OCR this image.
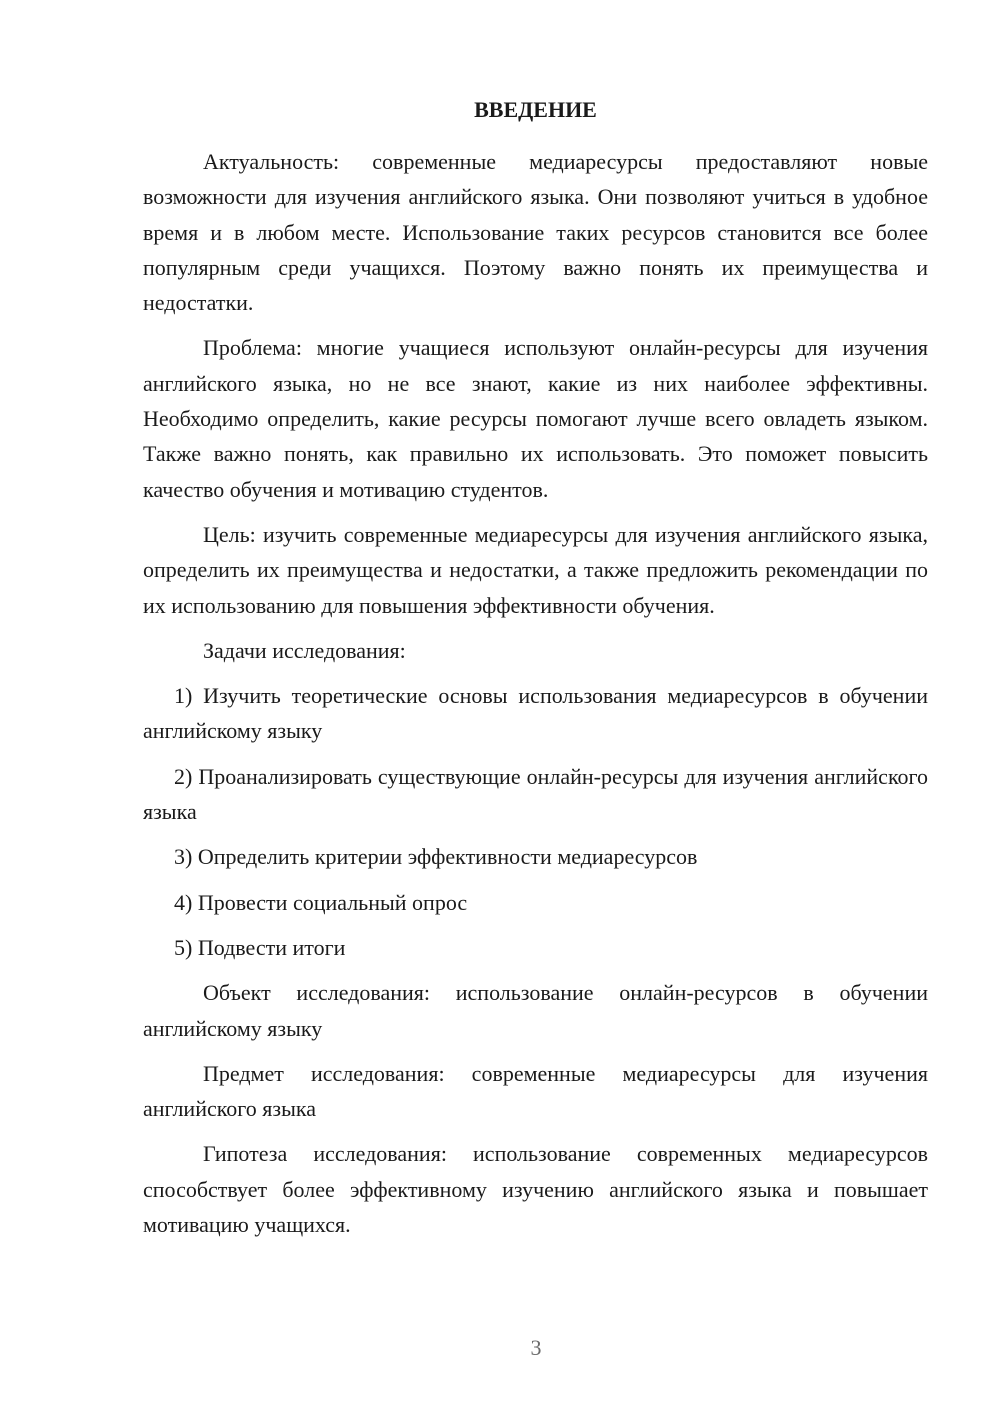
ВВЕДЕНИЕ

Актуальность: современные медиаресурсы предоставляют новые возможности для изучения английского языка. Они позволяют учиться в удобное время и в любом месте. Использование таких ресурсов становится все более популярным среди учащихся. Поэтому важно понять их преимущества и недостатки.

Проблема: многие учащиеся используют онлайн-ресурсы для изучения английского языка, но не все знают, какие из них наиболее эффективны. Необходимо определить, какие ресурсы помогают лучше всего овладеть языком. Также важно понять, как правильно их использовать. Это поможет повысить качество обучения и мотивацию студентов.

Цель: изучить современные медиаресурсы для изучения английского языка, определить их преимущества и недостатки, а также предложить рекомендации по их использованию для повышения эффективности обучения.

Задачи исследования:

1) Изучить теоретические основы использования медиаресурсов в обучении английскому языку

2) Проанализировать существующие онлайн-ресурсы для изучения английского языка

3) Определить критерии эффективности медиаресурсов

4) Провести социальный опрос

5) Подвести итоги

Объект исследования: использование онлайн-ресурсов в обучении английскому языку

Предмет исследования: современные медиаресурсы для изучения английского языка

Гипотеза исследования: использование современных медиаресурсов способствует более эффективному изучению английского языка и повышает мотивацию учащихся.

3
